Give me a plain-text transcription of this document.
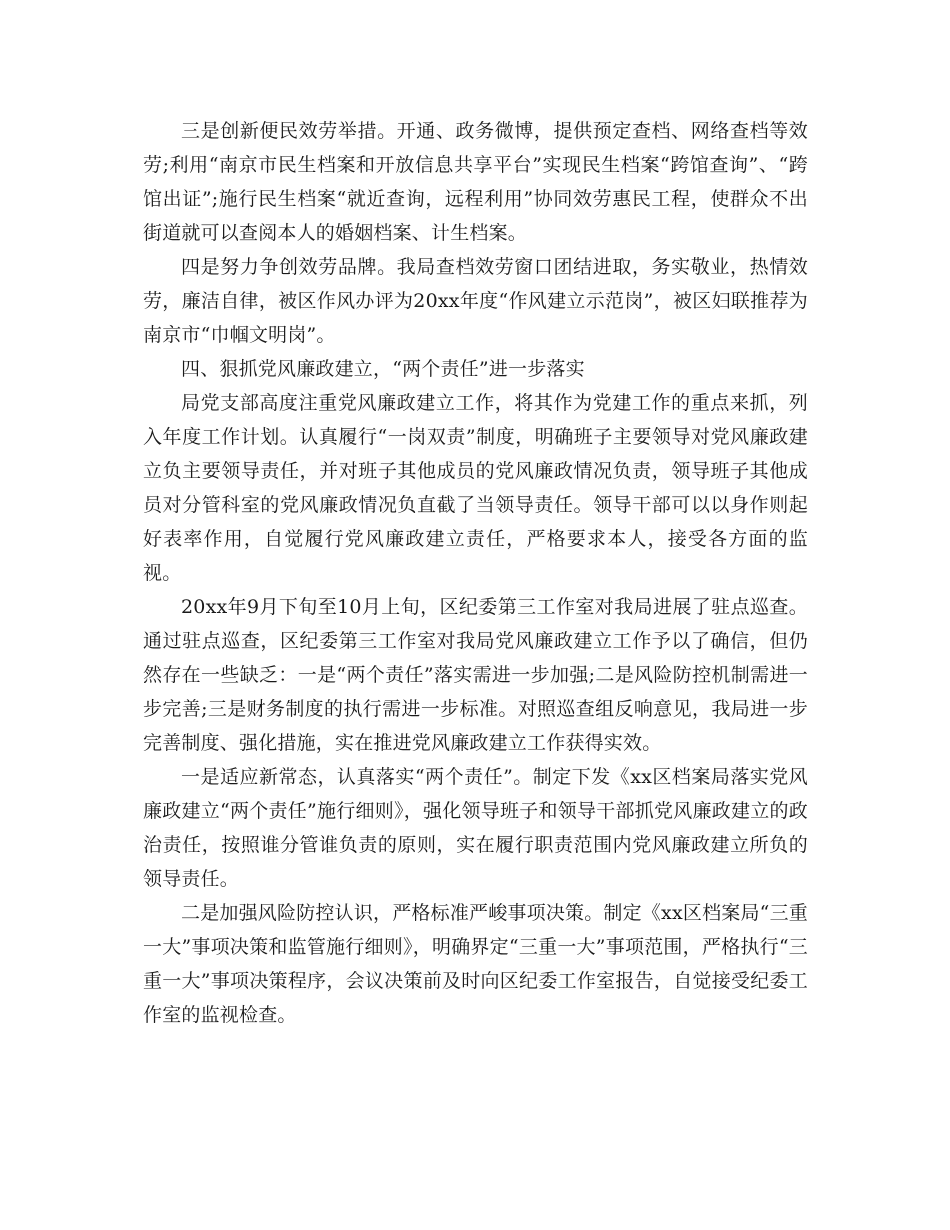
三是创新便民效劳举措。开通、政务微博，提供预定查档、网络查档等效劳;利用“南京市民生档案和开放信息共享平台”实现民生档案“跨馆查询”、“跨馆出证”;施行民生档案“就近查询，远程利用”协同效劳惠民工程，使群众不出街道就可以查阅本人的婚姻档案、计生档案。

四是努力争创效劳品牌。我局查档效劳窗口团结进取，务实敬业，热情效劳，廉洁自律，被区作风办评为20xx年度“作风建立示范岗”，被区妇联推荐为南京市“巾帼文明岗”。

四、狠抓党风廉政建立，“两个责任”进一步落实

局党支部高度注重党风廉政建立工作，将其作为党建工作的重点来抓，列入年度工作计划。认真履行“一岗双责”制度，明确班子主要领导对党风廉政建立负主要领导责任，并对班子其他成员的党风廉政情况负责，领导班子其他成员对分管科室的党风廉政情况负直截了当领导责任。领导干部可以以身作则起好表率作用，自觉履行党风廉政建立责任，严格要求本人，接受各方面的监视。

20xx年9月下旬至10月上旬，区纪委第三工作室对我局进展了驻点巡查。通过驻点巡查，区纪委第三工作室对我局党风廉政建立工作予以了确信，但仍然存在一些缺乏：一是“两个责任”落实需进一步加强;二是风险防控机制需进一步完善;三是财务制度的执行需进一步标准。对照巡查组反响意见，我局进一步完善制度、强化措施，实在推进党风廉政建立工作获得实效。

一是适应新常态，认真落实“两个责任”。制定下发《xx区档案局落实党风廉政建立“两个责任”施行细则》，强化领导班子和领导干部抓党风廉政建立的政治责任，按照谁分管谁负责的原则，实在履行职责范围内党风廉政建立所负的领导责任。

二是加强风险防控认识，严格标准严峻事项决策。制定《xx区档案局“三重一大”事项决策和监管施行细则》，明确界定“三重一大”事项范围，严格执行“三重一大”事项决策程序，会议决策前及时向区纪委工作室报告，自觉接受纪委工作室的监视检查。
